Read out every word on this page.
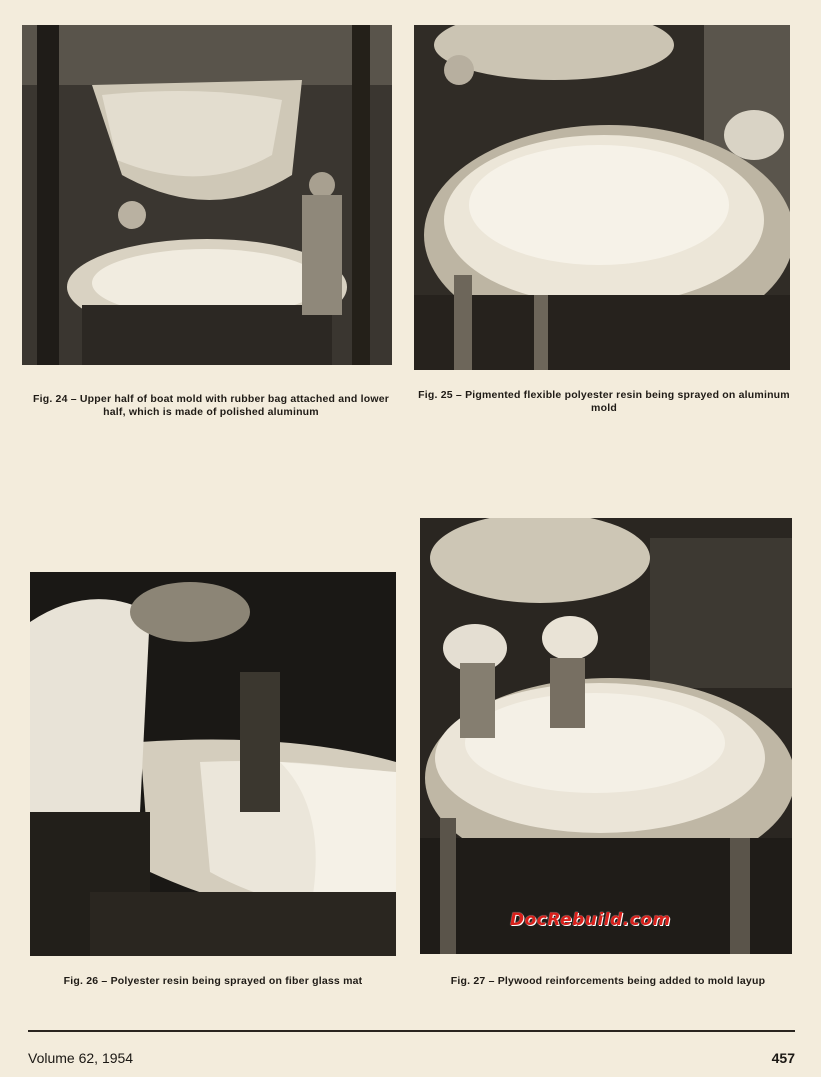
Fig. 24 – Upper half of boat mold with rubber bag attached and lower half, which is made of polished aluminum
Fig. 25 – Pigmented flexible polyester resin being sprayed on aluminum mold
Fig. 26 – Polyester resin being sprayed on fiber glass mat
DocRebuild.com
Fig. 27 – Plywood reinforcements being added to mold layup
Volume 62, 1954	457
